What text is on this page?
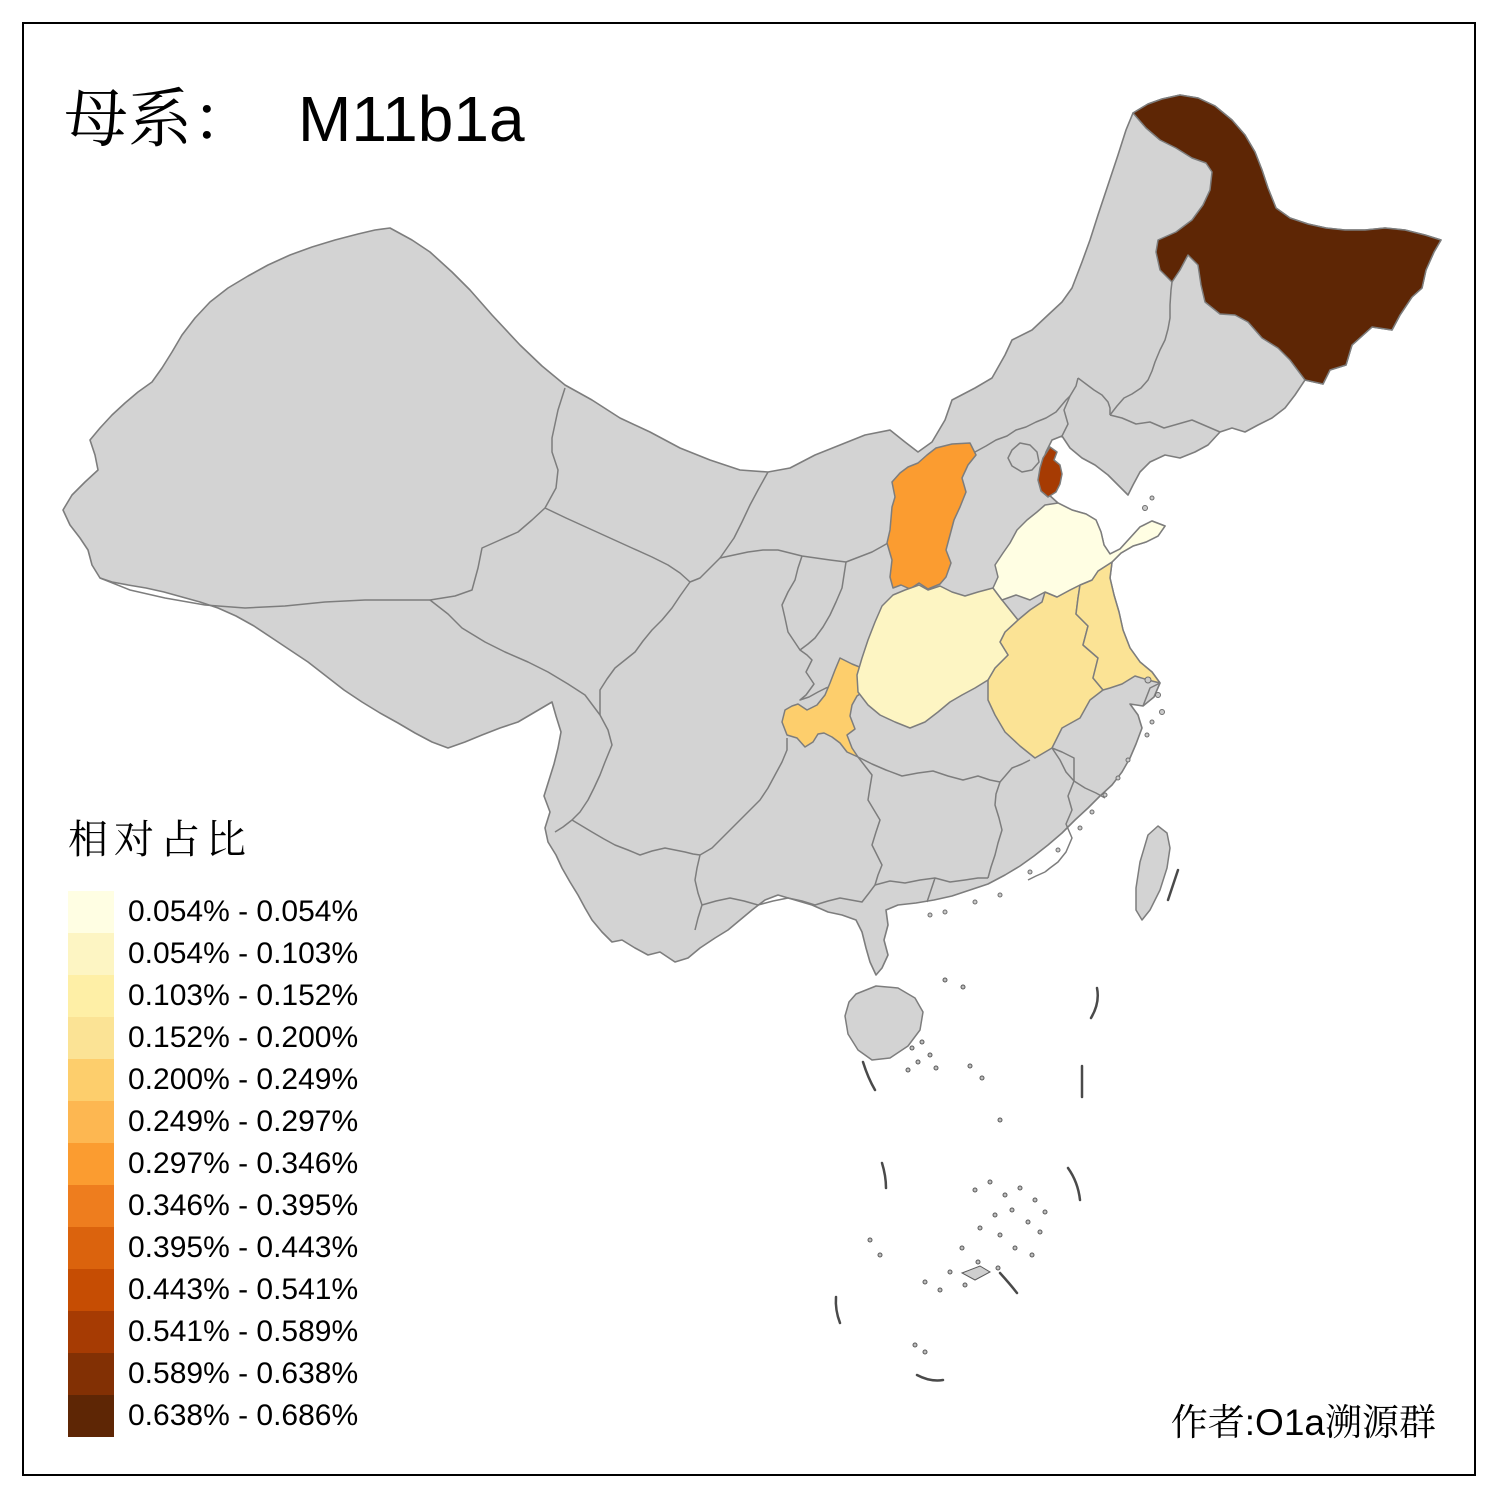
母系： M11b1a
相对占比
0.054% - 0.054%
0.054% - 0.103%
0.103% - 0.152%
0.152% - 0.200%
0.200% - 0.249%
0.249% - 0.297%
0.297% - 0.346%
0.346% - 0.395%
0.395% - 0.443%
0.443% - 0.541%
0.541% - 0.589%
0.589% - 0.638%
0.638% - 0.686%	作者:O1a溯源群
